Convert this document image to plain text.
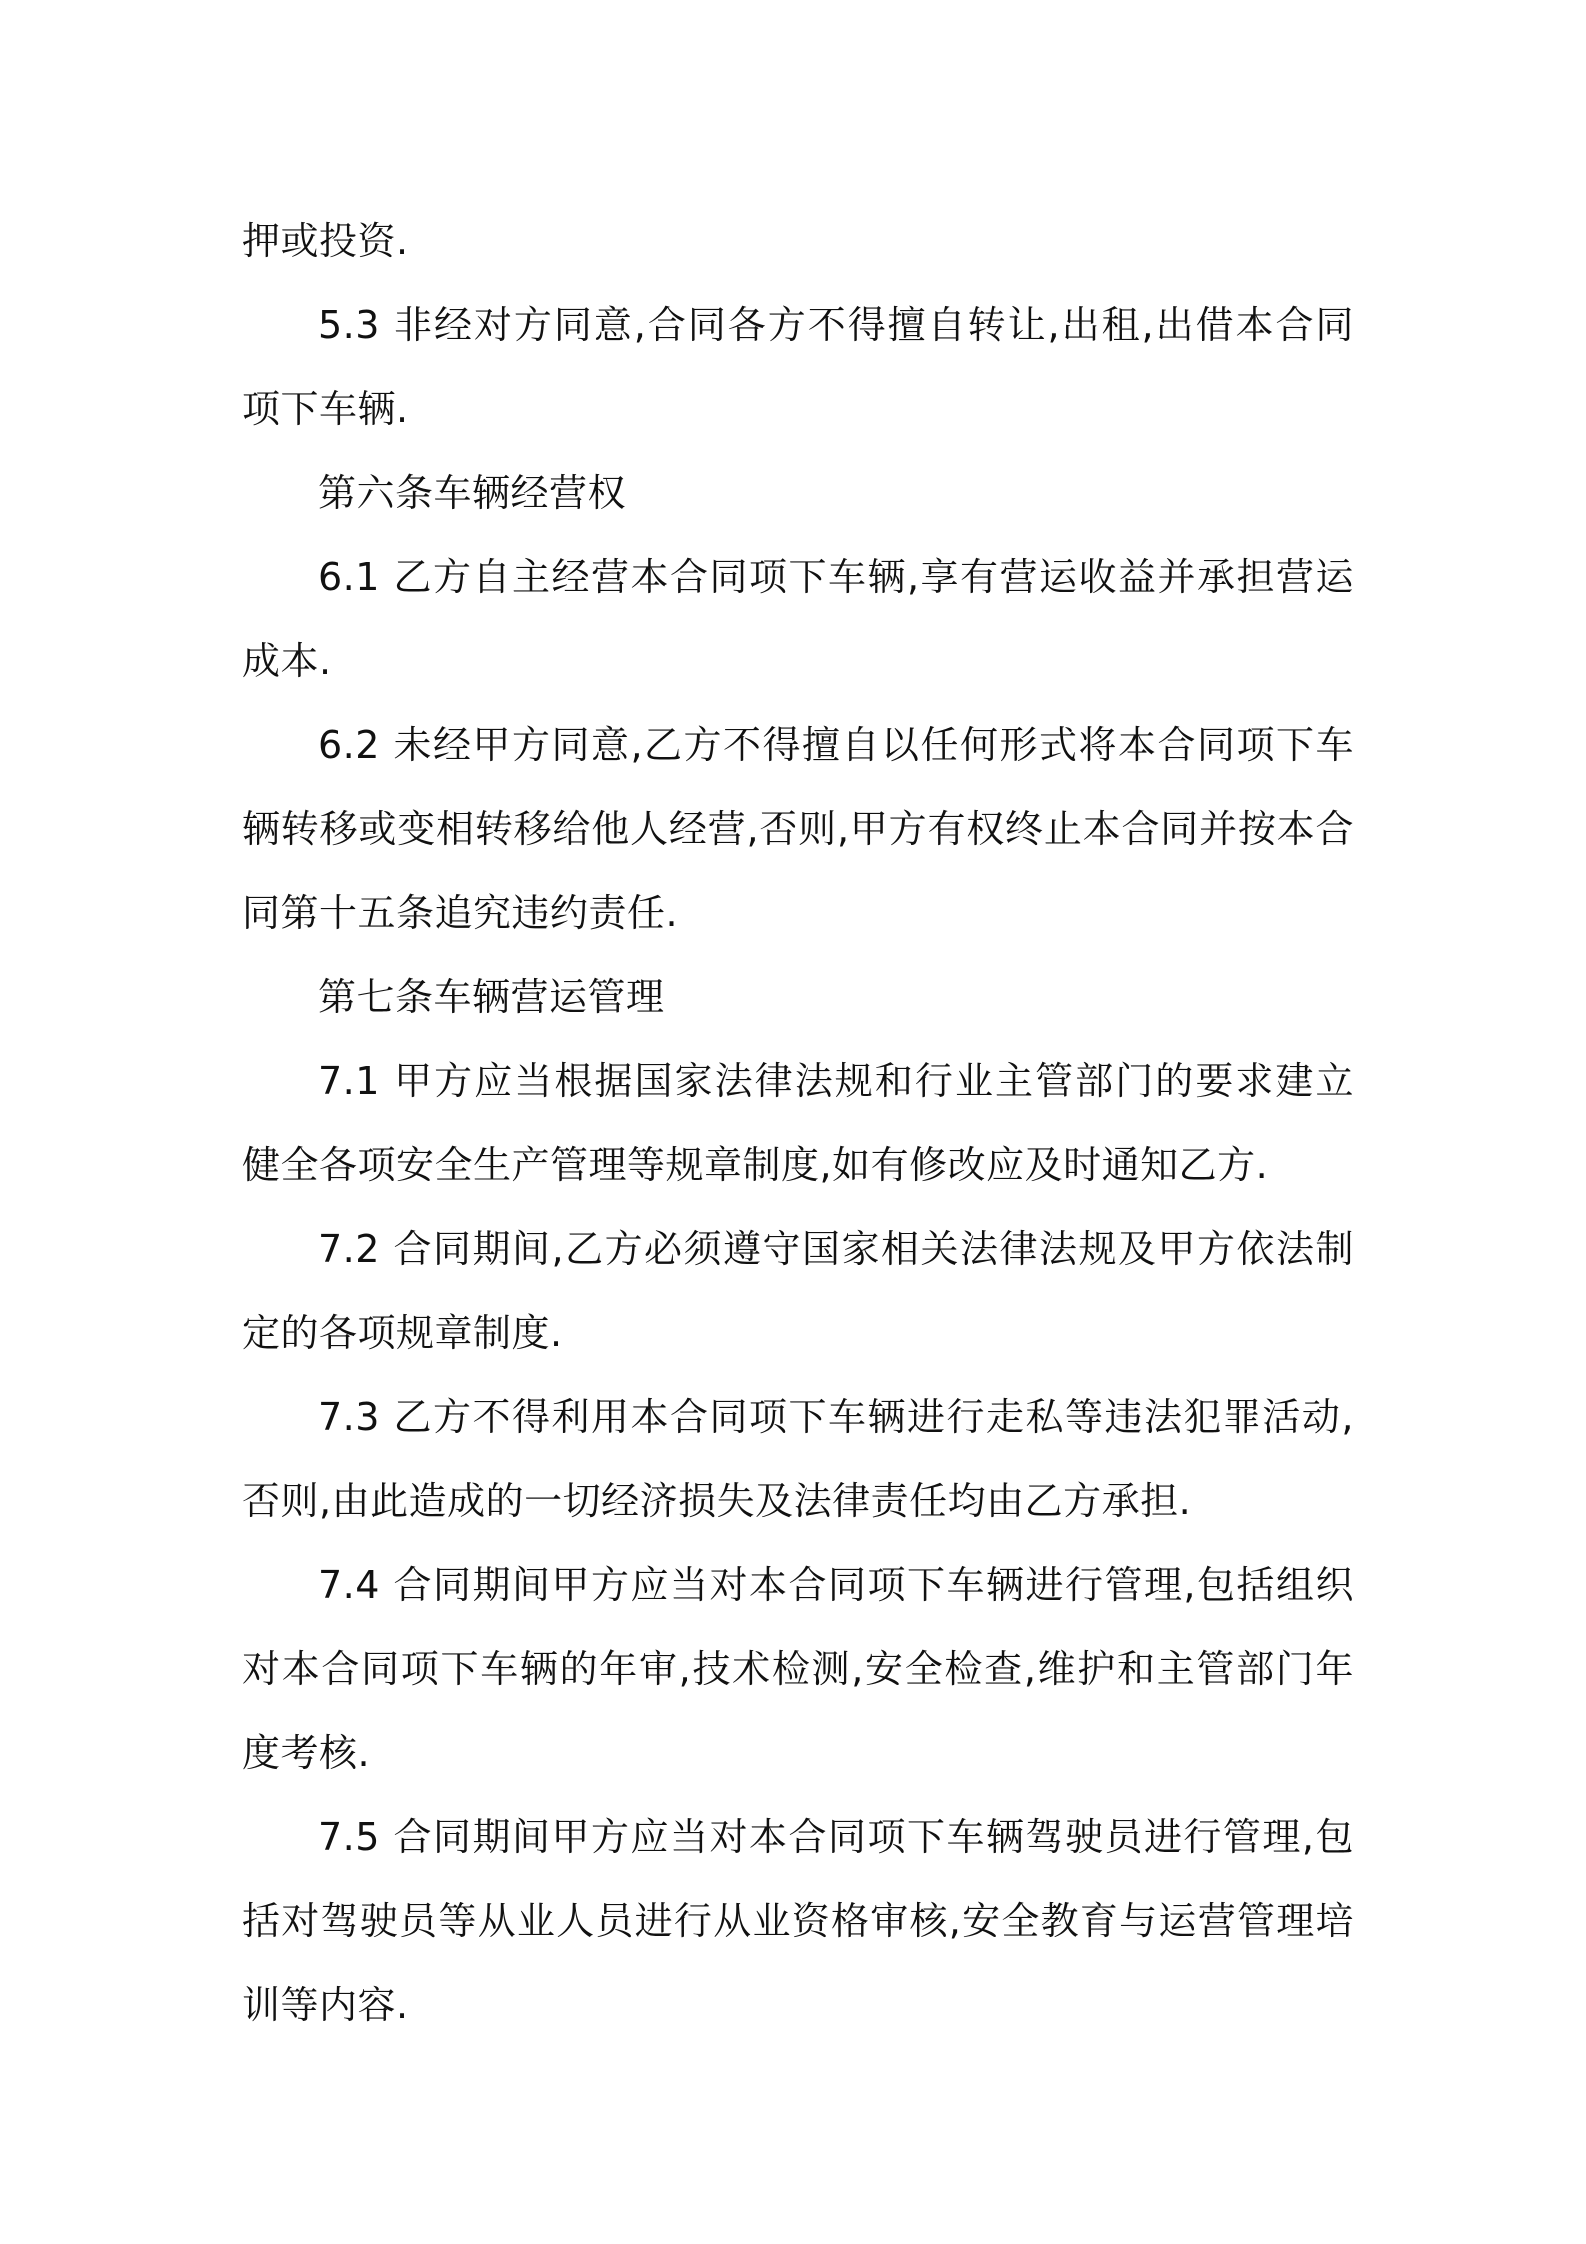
押或投资.

5.3 非经对方同意,合同各方不得擅自转让,出租,出借本合同项下车辆.

第六条车辆经营权

6.1 乙方自主经营本合同项下车辆,享有营运收益并承担营运成本.

6.2 未经甲方同意,乙方不得擅自以任何形式将本合同项下车辆转移或变相转移给他人经营,否则,甲方有权终止本合同并按本合同第十五条追究违约责任.

第七条车辆营运管理

7.1 甲方应当根据国家法律法规和行业主管部门的要求建立健全各项安全生产管理等规章制度,如有修改应及时通知乙方.

7.2 合同期间,乙方必须遵守国家相关法律法规及甲方依法制定的各项规章制度.

7.3 乙方不得利用本合同项下车辆进行走私等违法犯罪活动,否则,由此造成的一切经济损失及法律责任均由乙方承担.

7.4 合同期间甲方应当对本合同项下车辆进行管理,包括组织对本合同项下车辆的年审,技术检测,安全检查,维护和主管部门年度考核.

7.5 合同期间甲方应当对本合同项下车辆驾驶员进行管理,包括对驾驶员等从业人员进行从业资格审核,安全教育与运营管理培训等内容.
